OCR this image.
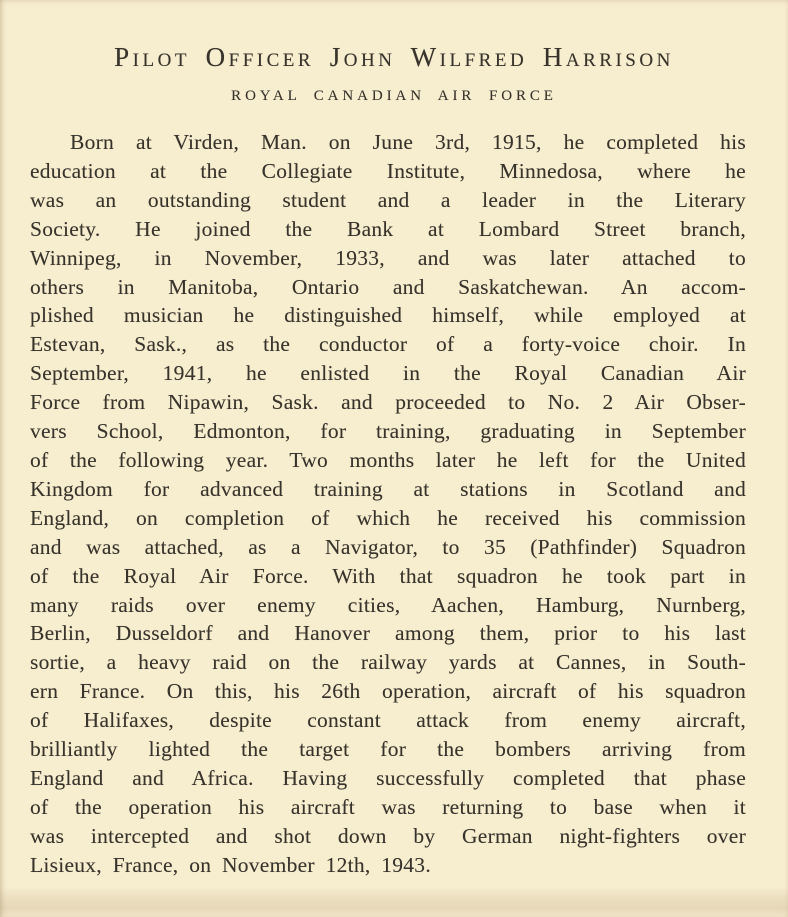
Pilot Officer John Wilfred Harrison
ROYAL CANADIAN AIR FORCE
Born at Virden, Man. on June 3rd, 1915, he completed his
education at the Collegiate Institute, Minnedosa, where he
was an outstanding student and a leader in the Literary
Society. He joined the Bank at Lombard Street branch,
Winnipeg, in November, 1933, and was later attached to
others in Manitoba, Ontario and Saskatchewan. An accom-
plished musician he distinguished himself, while employed at
Estevan, Sask., as the conductor of a forty-voice choir. In
September, 1941, he enlisted in the Royal Canadian Air
Force from Nipawin, Sask. and proceeded to No. 2 Air Obser-
vers School, Edmonton, for training, graduating in September
of the following year. Two months later he left for the United
Kingdom for advanced training at stations in Scotland and
England, on completion of which he received his commission
and was attached, as a Navigator, to 35 (Pathfinder) Squadron
of the Royal Air Force. With that squadron he took part in
many raids over enemy cities, Aachen, Hamburg, Nurnberg,
Berlin, Dusseldorf and Hanover among them, prior to his last
sortie, a heavy raid on the railway yards at Cannes, in South-
ern France. On this, his 26th operation, aircraft of his squadron
of Halifaxes, despite constant attack from enemy aircraft,
brilliantly lighted the target for the bombers arriving from
England and Africa. Having successfully completed that phase
of the operation his aircraft was returning to base when it
was intercepted and shot down by German night-fighters over
Lisieux, France, on November 12th, 1943.
